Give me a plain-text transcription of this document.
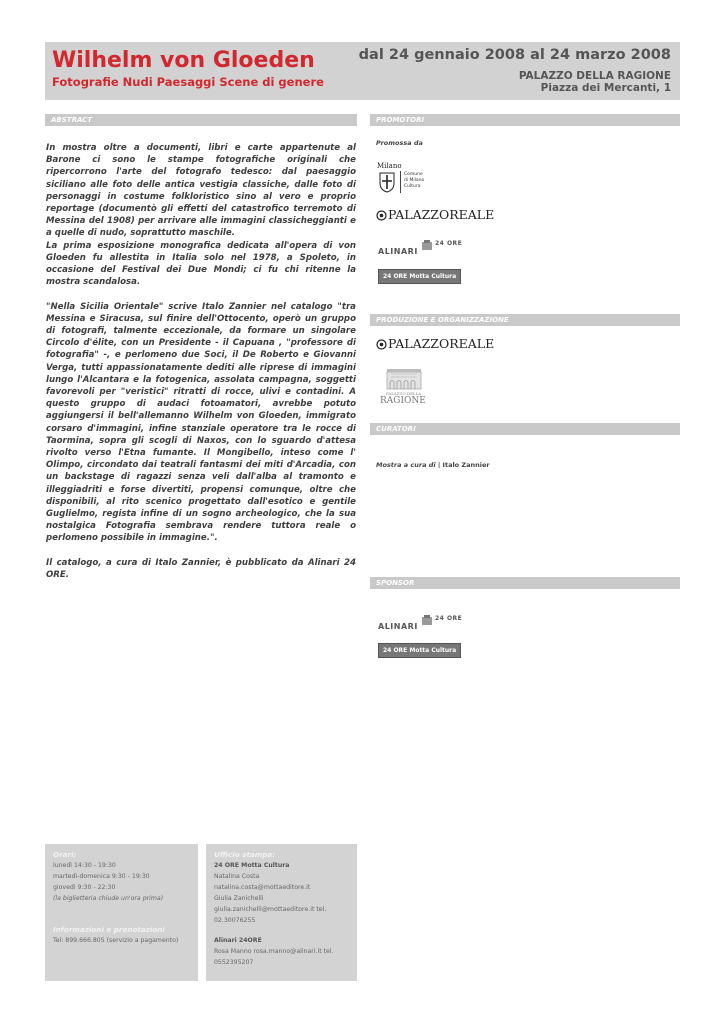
Wilhelm von Gloeden
Fotografie Nudi Paesaggi Scene di genere
dal 24 gennaio 2008 al 24 marzo 2008
PALAZZO DELLA RAGIONE
Piazza dei Mercanti, 1
ABSTRACT	PROMOTORI
PRODUZIONE E ORGANIZZAZIONE
CURATORI
SPONSOR

In mostra oltre a documenti, libri e carte appartenute al Barone ci sono le stampe fotografiche originali che ripercorrono l'arte del fotografo tedesco: dal paesaggio siciliano alle foto delle antica vestigia classiche, dalle foto di personaggi in costume folkloristico sino al vero e proprio reportage (documentò gli effetti del catastrofico terremoto di Messina del 1908) per arrivare alle immagini classicheggianti e a quelle di nudo, soprattutto maschile.

La prima esposizione monografica dedicata all'opera di von Gloeden fu allestita in Italia solo nel 1978, a Spoleto, in occasione del Festival dei Due Mondi; ci fu chi ritenne la mostra scandalosa.

"Nella Sicilia Orientale" scrive Italo Zannier nel catalogo "tra Messina e Siracusa, sul finire dell'Ottocento, operò un gruppo di fotografi, talmente eccezionale, da formare un singolare Circolo d'élite, con un Presidente - il Capuana , "professore di fotografia" -, e perlomeno due Soci, il De Roberto e Giovanni Verga, tutti appassionatamente dediti alle riprese di immagini lungo l'Alcantara e la fotogenica, assolata campagna, soggetti favorevoli per "veristici" ritratti di rocce, ulivi e contadini. A questo gruppo di audaci fotoamatori, avrebbe potuto aggiungersi il bell'allemanno Wilhelm von Gloeden, immigrato corsaro d'immagini, infine stanziale operatore tra le rocce di Taormina, sopra gli scogli di Naxos, con lo sguardo d'attesa rivolto verso l'Etna fumante. Il Mongibello, inteso come l' Olimpo, circondato dai teatrali fantasmi dei miti d'Arcadia, con un backstage di ragazzi senza veli dall'alba al tramonto e illeggiadriti e forse divertiti, propensi comunque, oltre che disponibili, al rito scenico progettato dall'esotico e gentile Guglielmo, regista infine di un sogno archeologico, che la sua nostalgica Fotografia sembrava rendere tuttora reale o perlomeno possibile in immagine.".

Il catalogo, a cura di Italo Zannier, è pubblicato da Alinari 24 ORE.

Promossa da
Milano
Comune
di Milano
Cultura
PALAZZOREALE
ALINARI
24 ORE
24 ORE Motta Cultura
PALAZZOREALE
PALAZZO DELLA
RAGIONE
Mostra a cura di | Italo Zannier
ALINARI
24 ORE
24 ORE Motta Cultura
Orari:
lunedì 14:30 - 19:30
martedì-domenica 9:30 - 19:30
giovedì 9:30 - 22:30
(la biglietteria chiude un'ora prima)
Informazioni e prenotazioni
Tel: 899.666.805 (servizio a pagamento)
Ufficio stampa:
24 ORE Motta Cultura
Natalina Costa
natalina.costa@mottaeditore.it
Giulia Zanichelli
giulia.zanichelli@mottaeditore.it tel.
02.30076255
Alinari 24ORE
Rosa Manno rosa.manno@alinari.it tel.
0552395207
